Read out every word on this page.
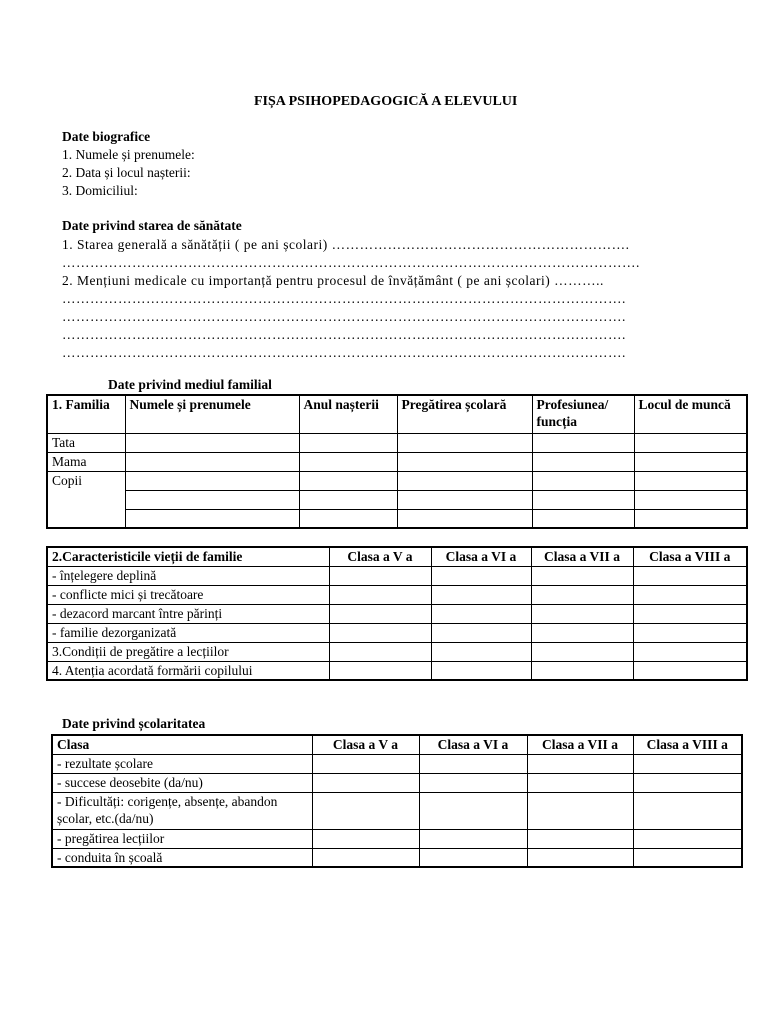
FIȘA PSIHOPEDAGOGICĂ A ELEVULUI
Date biografice
1. Numele și prenumele:
2. Data și locul nașterii:
3. Domiciliul:
Date privind starea de sănătate
1. Starea generală a sănătății ( pe ani școlari) ……………………………………………………….
…………………………………………………………………………………………………………….
2. Mențiuni medicale cu importanță pentru procesul de învățământ ( pe ani școlari) ………..
………………………………………………………………………………………………………….
………………………………………………………………………………………………………….
………………………………………………………………………………………………………….
………………………………………………………………………………………………………….
Date privind mediul familial
1. Familia	Numele și prenumele	Anul nașterii	Pregătirea școlară	Profesiunea/ funcția	Locul de muncă
Tata					
Mama					
Copii					

2.Caracteristicile vieții de familie	Clasa a V a	Clasa a VI a	Clasa a VII a	Clasa a VIII a
- înțelegere deplină				
- conflicte mici și trecătoare				
- dezacord marcant între părinți				
- familie dezorganizată				
3.Condiții de pregătire a lecțiilor				
4. Atenția acordată formării copilului				
Date privind școlaritatea
Clasa	Clasa a V a	Clasa a VI a	Clasa a VII a	Clasa a VIII a
- rezultate școlare				
- succese deosebite (da/nu)				
- Dificultăți: corigențe, absențe, abandon școlar, etc.(da/nu)				
- pregătirea lecțiilor				
- conduita în școală				
